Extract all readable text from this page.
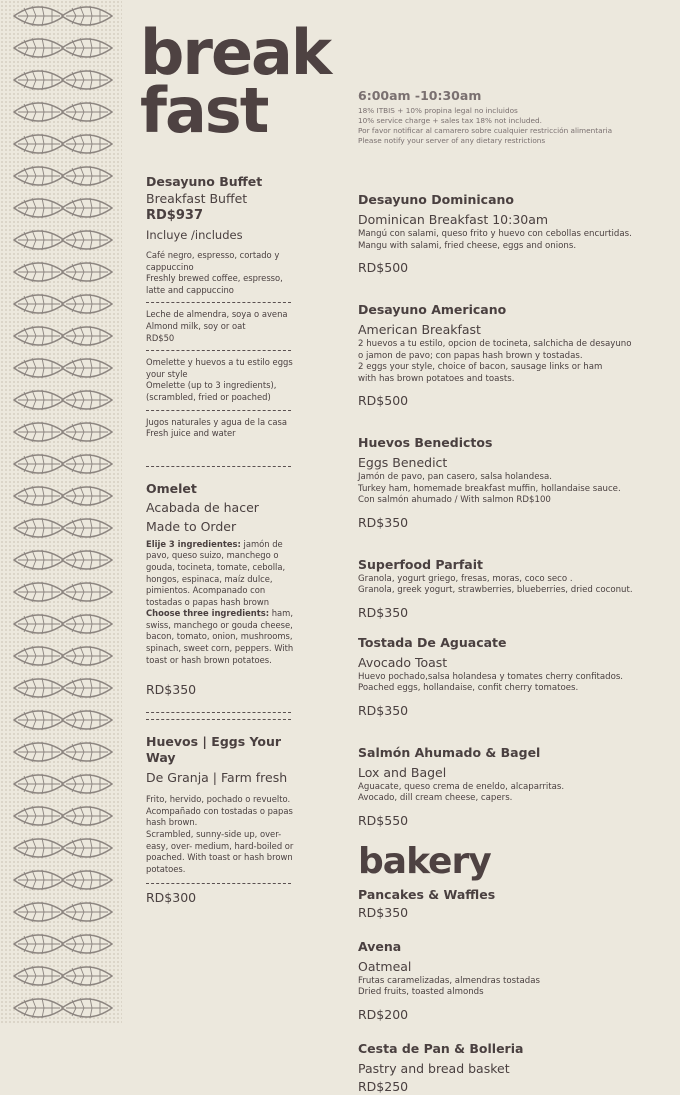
break
fast	6:00am -10:30am
18% ITBIS + 10% propina legal no incluidos
10% service charge + sales tax 18% not included.
Por favor notificar al camarero sobre cualquier restricción alimentaria
Please notify your server of any dietary restrictions

Desayuno Buffet

Breakfast Buffet

RD$937
Incluye /includes
Café negro, espresso, cortado y cappuccino
Freshly brewed coffee, espresso, latte and cappuccino
Leche de almendra, soya o avena
Almond milk, soy or oat
RD$50
Omelette y huevos a tu estilo eggs your style
Omelette (up to 3 ingredients), (scrambled, fried or poached)
Jugos naturales y agua de la casa
Fresh juice and water

Omelet

Acabada de hacer

Made to Order

Elije 3 ingredientes: jamón de pavo, queso suizo, manchego o gouda, tocineta, tomate, cebolla, hongos, espinaca, maíz dulce, pimientos. Acompanado con tostadas o papas hash brown
Choose three ingredients: ham, swiss, manchego or gouda cheese, bacon, tomato, onion, mushrooms, spinach, sweet corn, peppers. With toast or hash brown potatoes.
RD$350

Huevos | Eggs Your Way

De Granja | Farm fresh

Frito, hervido, pochado o revuelto. Acompañado con tostadas o papas hash brown.
Scrambled, sunny-side up, over-easy, over- medium, hard-boiled or poached. With toast or hash brown potatoes.
RD$300

Desayuno Dominicano

Dominican Breakfast 10:30am

Mangú con salami, queso frito y huevo con cebollas encurtidas.
Mangu with salami, fried cheese, eggs and onions.
RD$500

Desayuno Americano

American Breakfast

2 huevos a tu estilo, opcion de tocineta, salchicha de desayuno
o jamon de pavo; con papas hash brown y tostadas.
2 eggs your style, choice of bacon, sausage links or ham
with has brown potatoes and toasts.
RD$500

Huevos Benedictos

Eggs Benedict

Jamón de pavo, pan casero, salsa holandesa.
Turkey ham, homemade breakfast muffin, hollandaise sauce.
Con salmón ahumado / With salmon RD$100
RD$350

Superfood Parfait

Granola, yogurt griego, fresas, moras, coco seco .
Granola, greek yogurt, strawberries, blueberries, dried coconut.
RD$350

Tostada De Aguacate

Avocado Toast

Huevo pochado,salsa holandesa y tomates cherry confitados.
Poached eggs, hollandaise, confit cherry tomatoes.
RD$350

Salmón Ahumado & Bagel

Lox and Bagel

Aguacate, queso crema de eneldo, alcaparritas.
Avocado, dill cream cheese, capers.
RD$550

bakery

Pancakes & Waffles

RD$350

Avena

Oatmeal

Frutas caramelizadas, almendras tostadas
Dried fruits, toasted almonds
RD$200

Cesta de Pan & Bolleria

Pastry and bread basket

RD$250
